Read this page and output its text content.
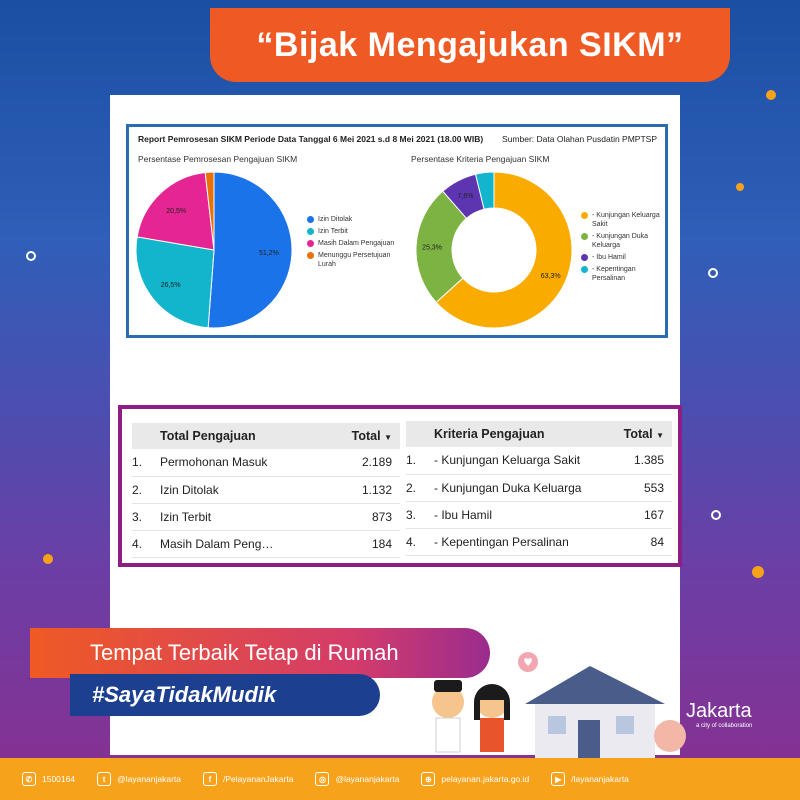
“Bijak Mengajukan SIKM”
Report Pemrosesan SIKM Periode Data Tanggal 6 Mei 2021 s.d 8 Mei 2021 (18.00 WIB) Sumber: Data Olahan Pusdatin PMPTSP
Persentase Pemrosesan Pengajuan SIKM	Persentase Kriteria Pengajuan SIKM
51,2%
26,5%
20,5%
63,3%
25,3%
7,6%
Izin Ditolak
Izin Terbit
Masih Dalam Pengajuan
Menunggu Persetujuan Lurah
- Kunjungan Keluarga Sakit
- Kunjungan Duka Keluarga
- Ibu Hamil
- Kepentingan Persalinan
	Total Pengajuan	Total ▼
1.	Permohonan Masuk	2.189
2.	Izin Ditolak	1.132
3.	Izin Terbit	873
4.	Masih Dalam Peng…	184
	Kriteria Pengajuan	Total ▼
1.	- Kunjungan Keluarga Sakit	1.385
2.	- Kunjungan Duka Keluarga	553
3.	- Ibu Hamil	167
4.	- Kepentingan Persalinan	84
Tempat Terbaik Tetap di Rumah
#SayaTidakMudik
♥
Jakarta
a city of collaboration
✆	1500164	t	@layananjakarta	f	/PelayananJakarta	◎	@layananjakarta	⊕	pelayanan.jakarta.go.id	▶	/layananjakarta
